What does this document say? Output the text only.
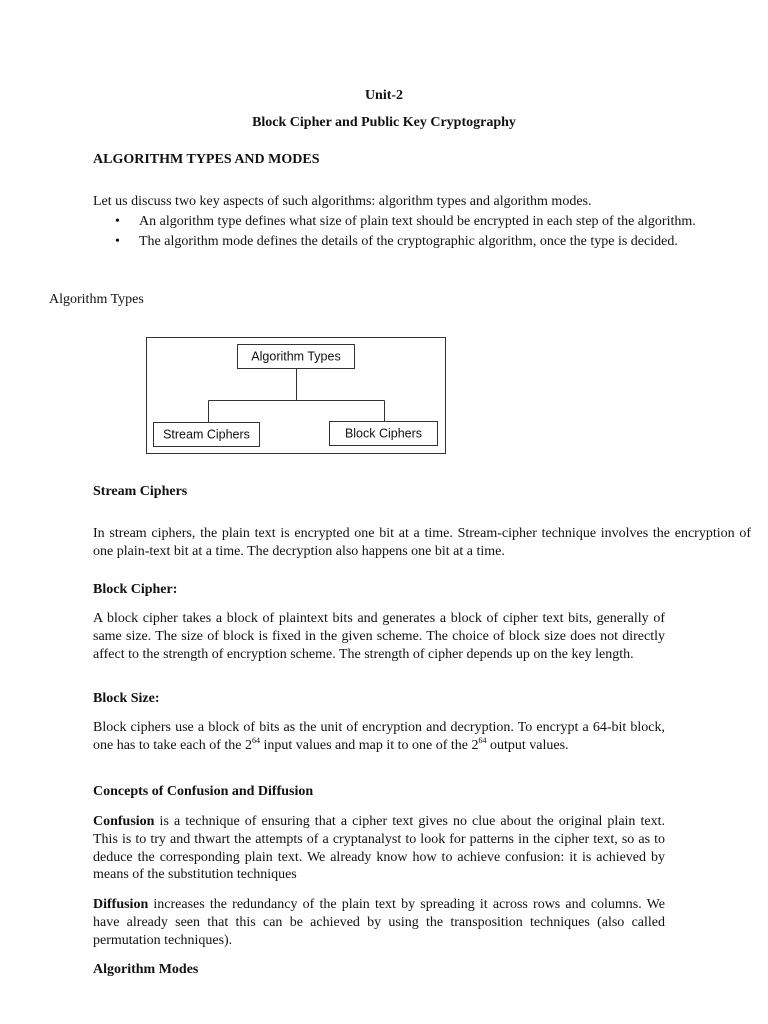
Unit-2
Block Cipher and Public Key Cryptography
ALGORITHM TYPES AND MODES

Let us discuss two key aspects of such algorithms: algorithm types and algorithm modes.

• An algorithm type defines what size of plain text should be encrypted in each step of the algorithm.
• The algorithm mode defines the details of the cryptographic algorithm, once the type is decided.
Algorithm Types
Algorithm Types
Stream Ciphers	Block Ciphers
Stream Ciphers

In stream ciphers, the plain text is encrypted one bit at a time. Stream-cipher technique involves the encryption of one plain-text bit at a time. The decryption also happens one bit at a time.

Block Cipher:

A block cipher takes a block of plaintext bits and generates a block of cipher text bits, generally of same size. The size of block is fixed in the given scheme. The choice of block size does not directly affect to the strength of encryption scheme. The strength of cipher depends up on the key length.

Block Size:

Block ciphers use a block of bits as the unit of encryption and decryption. To encrypt a 64-bit block, one has to take each of the $2^{64}$ input values and map it to one of the $2^{64}$ output values.

Concepts of Confusion and Diffusion

Confusion is a technique of ensuring that a cipher text gives no clue about the original plain text. This is to try and thwart the attempts of a cryptanalyst to look for patterns in the cipher text, so as to deduce the corresponding plain text. We already know how to achieve confusion: it is achieved by means of the substitution techniques

Diffusion increases the redundancy of the plain text by spreading it across rows and columns. We have already seen that this can be achieved by using the transposition techniques (also called permutation techniques).

Algorithm Modes
